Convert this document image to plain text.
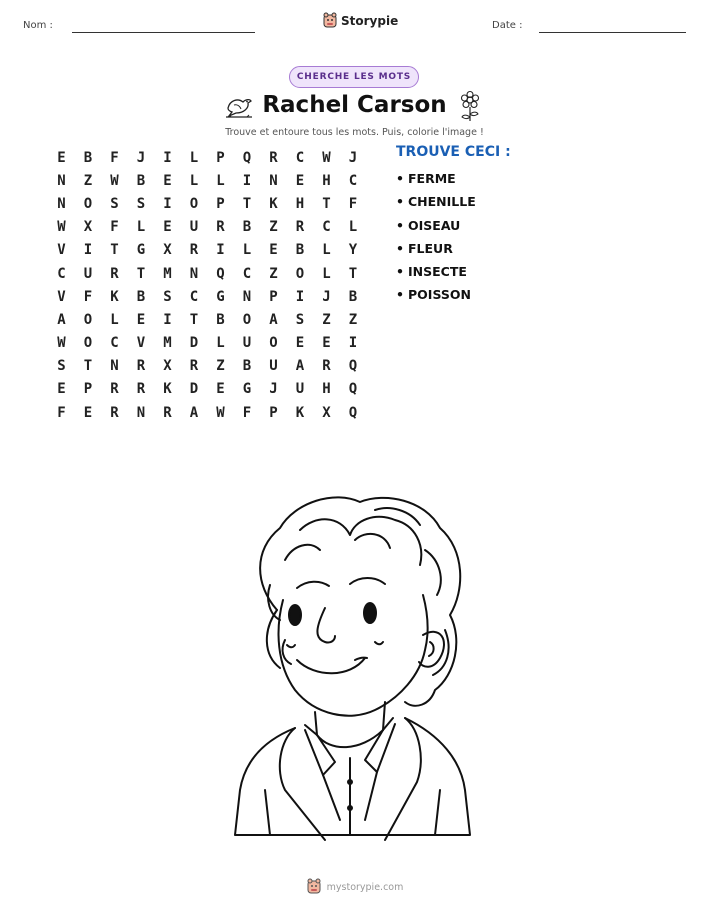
Nom :	Storypie	Date :
CHERCHE LES MOTS
Rachel Carson
Trouve et entoure tous les mots. Puis, colorie l'image !
E	B	F	J	I	L	P	Q	R	C	W	J
N	Z	W	B	E	L	L	I	N	E	H	C
N	O	S	S	I	O	P	T	K	H	T	F
W	X	F	L	E	U	R	B	Z	R	C	L
V	I	T	G	X	R	I	L	E	B	L	Y
C	U	R	T	M	N	Q	C	Z	O	L	T
V	F	K	B	S	C	G	N	P	I	J	B
A	O	L	E	I	T	B	O	A	S	Z	Z
W	O	C	V	M	D	L	U	O	E	E	I
S	T	N	R	X	R	Z	B	U	A	R	Q
E	P	R	R	K	D	E	G	J	U	H	Q
F	E	R	N	R	A	W	F	P	K	X	Q
TROUVE CECI :
• FERME
• CHENILLE
• OISEAU
• FLEUR
• INSECTE
• POISSON
mystorypie.com
